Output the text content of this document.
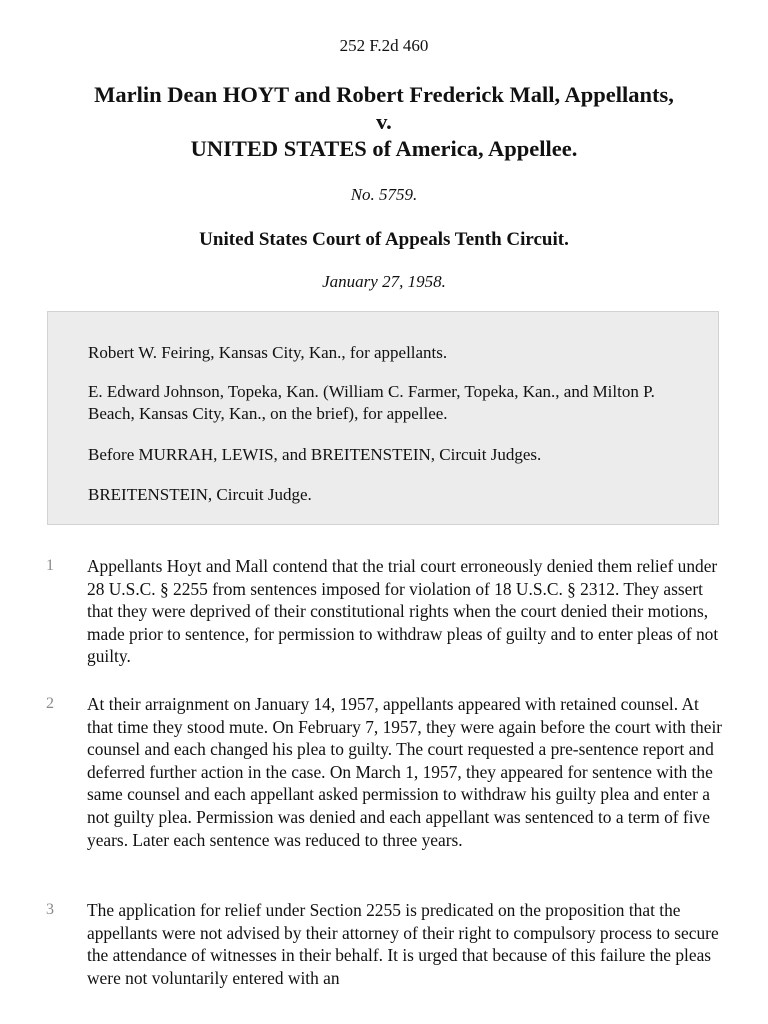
252 F.2d 460
Marlin Dean HOYT and Robert Frederick Mall, Appellants,
v.
UNITED STATES of America, Appellee.
No. 5759.
United States Court of Appeals Tenth Circuit.
January 27, 1958.

Robert W. Feiring, Kansas City, Kan., for appellants.

E. Edward Johnson, Topeka, Kan. (William C. Farmer, Topeka, Kan., and Milton P. Beach, Kansas City, Kan., on the brief), for appellee.

Before MURRAH, LEWIS, and BREITENSTEIN, Circuit Judges.

BREITENSTEIN, Circuit Judge.

1 Appellants Hoyt and Mall contend that the trial court erroneously denied them relief under 28 U.S.C. § 2255 from sentences imposed for violation of 18 U.S.C. § 2312. They assert that they were deprived of their constitutional rights when the court denied their motions, made prior to sentence, for permission to withdraw pleas of guilty and to enter pleas of not guilty.

2 At their arraignment on January 14, 1957, appellants appeared with retained counsel. At that time they stood mute. On February 7, 1957, they were again before the court with their counsel and each changed his plea to guilty. The court requested a pre-sentence report and deferred further action in the case. On March 1, 1957, they appeared for sentence with the same counsel and each appellant asked permission to withdraw his guilty plea and enter a not guilty plea. Permission was denied and each appellant was sentenced to a term of five years. Later each sentence was reduced to three years.

3 The application for relief under Section 2255 is predicated on the proposition that the appellants were not advised by their attorney of their right to compulsory process to secure the attendance of witnesses in their behalf. It is urged that because of this failure the pleas were not voluntarily entered with an
